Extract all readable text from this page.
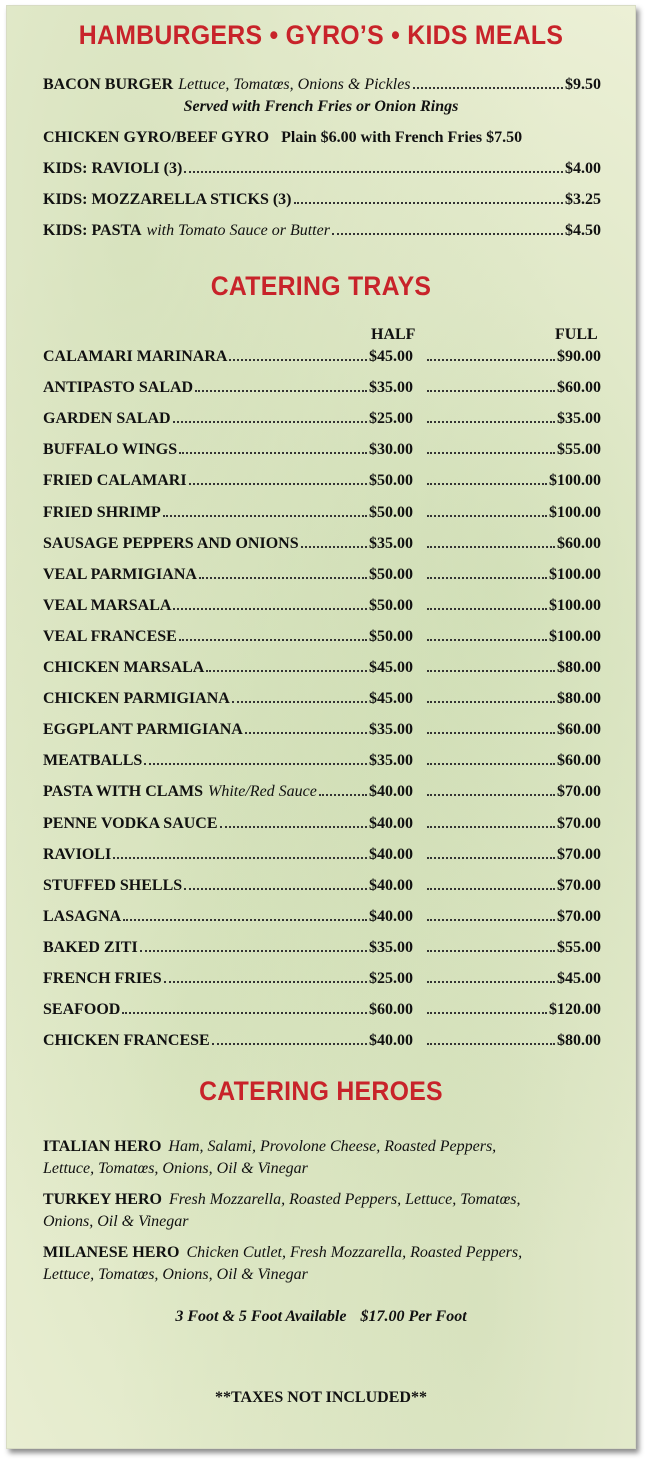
HAMBURGERS • GYRO’S • KIDS MEALS
BACON BURGER Lettuce, Tomatœs, Onions & Pickles	$9.50
Served with French Fries or Onion Rings
CHICKEN GYRO/BEEF GYRO Plain $6.00 with French Fries $7.50
KIDS: RAVIOLI (3)	$4.00
KIDS: MOZZARELLA STICKS (3)	$3.25
KIDS: PASTA with Tomato Sauce or Butter	$4.50
CATERING TRAYS
HALF	FULL
CALAMARI MARINARA	$45.00	$90.00
ANTIPASTO SALAD	$35.00	$60.00
GARDEN SALAD	$25.00	$35.00
BUFFALO WINGS	$30.00	$55.00
FRIED CALAMARI	$50.00	$100.00
FRIED SHRIMP	$50.00	$100.00
SAUSAGE PEPPERS AND ONIONS	$35.00	$60.00
VEAL PARMIGIANA	$50.00	$100.00
VEAL MARSALA	$50.00	$100.00
VEAL FRANCESE	$50.00	$100.00
CHICKEN MARSALA	$45.00	$80.00
CHICKEN PARMIGIANA	$45.00	$80.00
EGGPLANT PARMIGIANA	$35.00	$60.00
MEATBALLS	$35.00	$60.00
PASTA WITH CLAMS White/Red Sauce	$40.00	$70.00
PENNE VODKA SAUCE	$40.00	$70.00
RAVIOLI	$40.00	$70.00
STUFFED SHELLS	$40.00	$70.00
LASAGNA	$40.00	$70.00
BAKED ZITI	$35.00	$55.00
FRENCH FRIES	$25.00	$45.00
SEAFOOD	$60.00	$120.00
CHICKEN FRANCESE	$40.00	$80.00
CATERING HEROES
ITALIAN HERO Ham, Salami, Provolone Cheese, Roasted Peppers,
Lettuce, Tomatœs, Onions, Oil & Vinegar
TURKEY HERO Fresh Mozzarella, Roasted Peppers, Lettuce, Tomatœs,
Onions, Oil & Vinegar
MILANESE HERO Chicken Cutlet, Fresh Mozzarella, Roasted Peppers,
Lettuce, Tomatœs, Onions, Oil & Vinegar
3 Foot & 5 Foot Available $17.00 Per Foot
**TAXES NOT INCLUDED**
